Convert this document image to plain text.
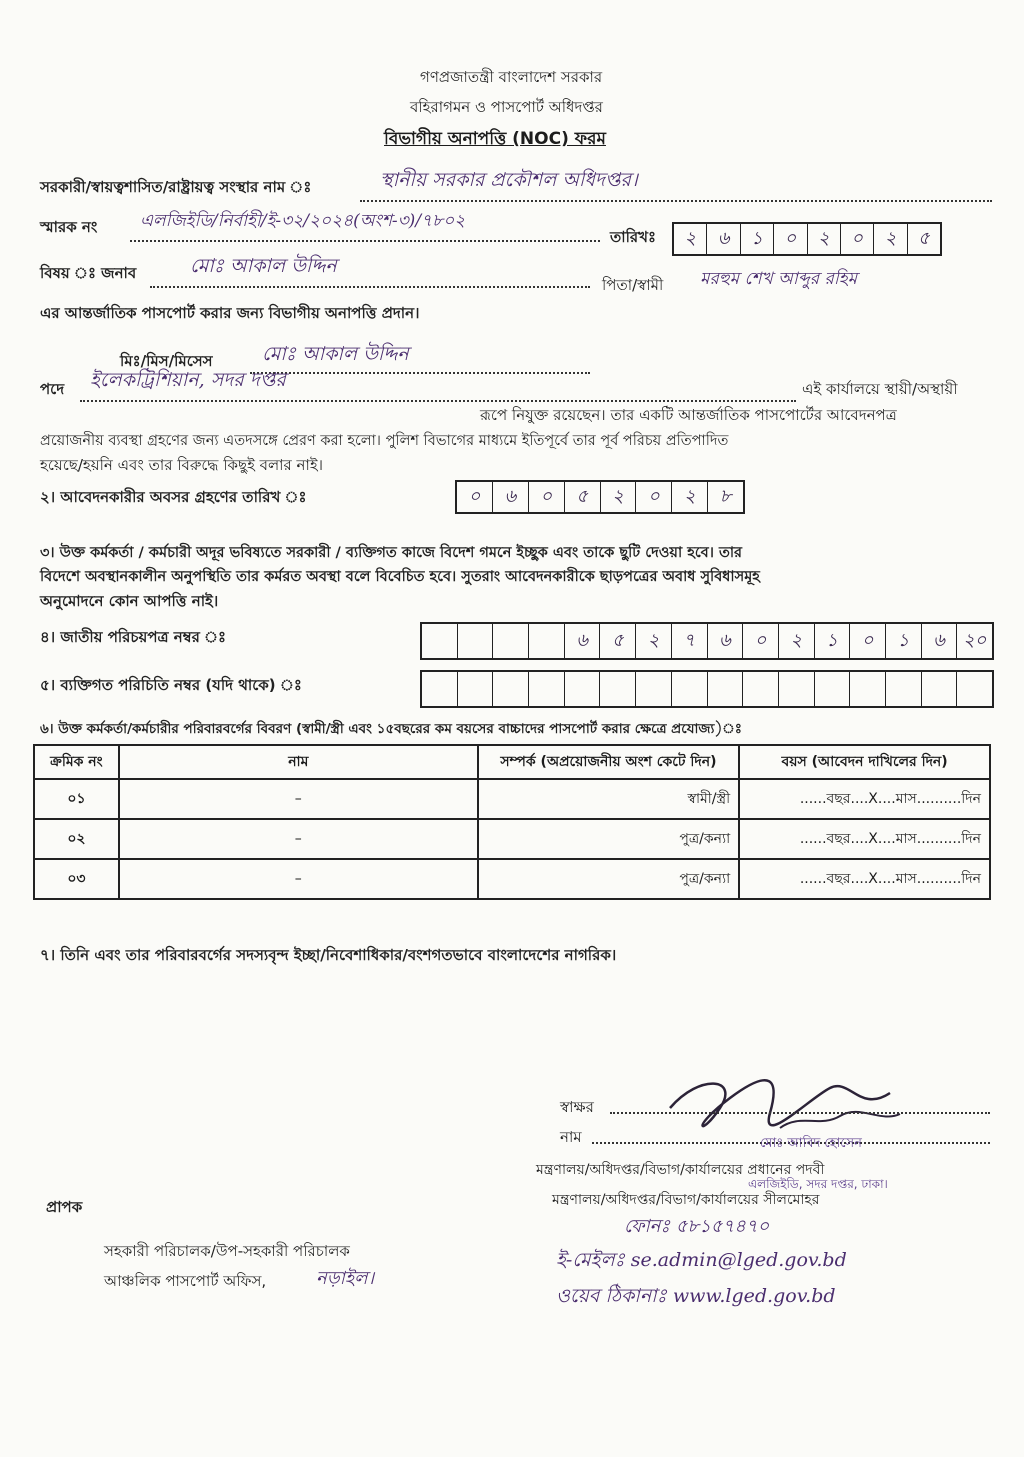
গণপ্রজাতন্ত্রী বাংলাদেশ সরকার
বহিরাগমন ও পাসপোর্ট অধিদপ্তর
বিভাগীয় অনাপত্তি (NOC) ফরম
সরকারী/স্বায়ত্বশাসিত/রাষ্ট্রায়ত্ব সংস্থার নাম ঃ	স্থানীয় সরকার প্রকৌশল অধিদপ্তর।
স্মারক নং	এলজিইডি/নির্বাহী/ই-৩২/২০২৪(অংশ-৩)/৭৮০২
তারিখঃ	২	৬	১	০	২	০	২	৫
বিষয় ঃ জনাব	মোঃ আকাল উদ্দিন
পিতা/স্বামী মরহুম শেখ আব্দুর রহিম
এর আন্তর্জাতিক পাসপোর্ট করার জন্য বিভাগীয় অনাপত্তি প্রদান।
মিঃ/মিস/মিসেস	মোঃ আকাল উদ্দিন
পদে ইলেকট্রিশিয়ান, সদর দপ্তর	এই কার্যালয়ে স্থায়ী/অস্থায়ী
রূপে নিযুক্ত রয়েছেন। তার একটি আন্তর্জাতিক পাসপোর্টের আবেদনপত্র
প্রয়োজনীয় ব্যবস্থা গ্রহণের জন্য এতদসঙ্গে প্রেরণ করা হলো। পুলিশ বিভাগের মাধ্যমে ইতিপূর্বে তার পূর্ব পরিচয় প্রতিপাদিত
হয়েছে/হয়নি এবং তার বিরুদ্ধে কিছুই বলার নাই।
২। আবেদনকারীর অবসর গ্রহণের তারিখ ঃ	০	৬	০	৫	২	০	২	৮
৩। উক্ত কর্মকর্তা / কর্মচারী অদূর ভবিষ্যতে সরকারী / ব্যক্তিগত কাজে বিদেশ গমনে ইচ্ছুক এবং তাকে ছুটি দেওয়া হবে। তার
বিদেশে অবস্থানকালীন অনুপস্থিতি তার কর্মরত অবস্থা বলে বিবেচিত হবে। সুতরাং আবেদনকারীকে ছাড়পত্রের অবাধ সুবিধাসমূহ
অনুমোদনে কোন আপত্তি নাই।
৪। জাতীয় পরিচয়পত্র নম্বর ঃ	৬	৫	২	৭	৬	০	২	১	০	১	৬	২০
৫। ব্যক্তিগত পরিচিতি নম্বর (যদি থাকে) ঃ
৬। উক্ত কর্মকর্তা/কর্মচারীর পরিবারবর্গের বিবরণ (স্বামী/স্ত্রী এবং ১৫বছরের কম বয়সের বাচ্চাদের পাসপোর্ট করার ক্ষেত্রে প্রযোজ্য)ঃ
ক্রমিক নং	নাম	সম্পর্ক (অপ্রয়োজনীয় অংশ কেটে দিন)	বয়স (আবেদন দাখিলের দিন)
০১	–	স্বামী/স্ত্রী	......বছর....X....মাস..........দিন
০২	–	পুত্র/কন্যা	......বছর....X....মাস..........দিন
০৩	–	পুত্র/কন্যা	......বছর....X....মাস..........দিন
৭। তিনি এবং তার পরিবারবর্গের সদস্যবৃন্দ ইচ্ছা/নিবেশাধিকার/বংশগতভাবে বাংলাদেশের নাগরিক।
স্বাক্ষর
নাম	মোঃ আবিদ হোসেন
মন্ত্রণালয়/অধিদপ্তর/বিভাগ/কার্যালয়ের প্রধানের পদবী
এলজিইডি, সদর দপ্তর, ঢাকা।
মন্ত্রণালয়/অধিদপ্তর/বিভাগ/কার্যালয়ের সীলমোহর
ফোনঃ ৫৮১৫৭৪৭০
ই-মেইলঃ se.admin@lged.gov.bd
ওয়েব ঠিকানাঃ www.lged.gov.bd
প্রাপক
সহকারী পরিচালক/উপ-সহকারী পরিচালক
আঞ্চলিক পাসপোর্ট অফিস,	নড়াইল।
